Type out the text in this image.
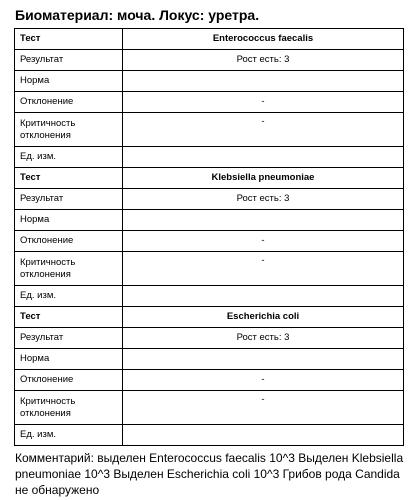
Биоматериал: моча. Локус: уретра.
Тест	Enterococcus faecalis
Результат	Рост есть: 3
Норма	
Отклонение	-
Критичность отклонения	-
Ед. изм.	
Тест	Klebsiella pneumoniae
Результат	Рост есть: 3
Норма	
Отклонение	-
Критичность отклонения	-
Ед. изм.	
Тест	Escherichia coli
Результат	Рост есть: 3
Норма	
Отклонение	-
Критичность отклонения	-
Ед. изм.	
Комментарий: выделен Enterococcus faecalis 10^3 Выделен Klebsiella pneumoniae 10^3 Выделен Escherichia coli 10^3 Грибов рода Candida не обнаружено
